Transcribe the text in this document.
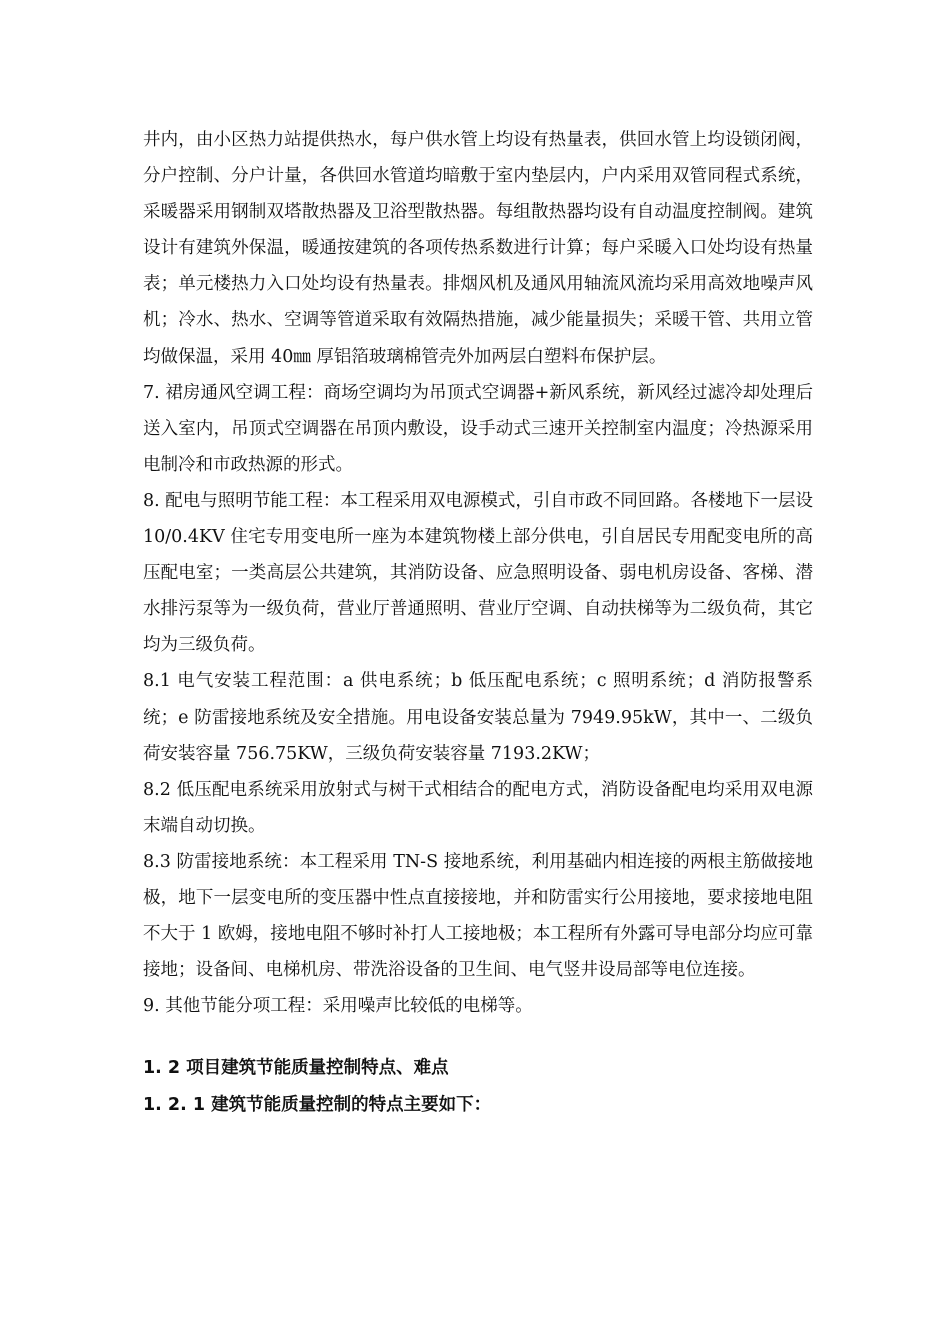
井内，由小区热力站提供热水，每户供水管上均设有热量表，供回水管上均设锁闭阀，分户控制、分户计量，各供回水管道均暗敷于室内垫层内，户内采用双管同程式系统，采暖器采用钢制双塔散热器及卫浴型散热器。每组散热器均设有自动温度控制阀。建筑设计有建筑外保温，暖通按建筑的各项传热系数进行计算；每户采暖入口处均设有热量表；单元楼热力入口处均设有热量表。排烟风机及通风用轴流风流均采用高效地噪声风机；冷水、热水、空调等管道采取有效隔热措施，减少能量损失；采暖干管、共用立管均做保温，采用 40㎜ 厚铝箔玻璃棉管壳外加两层白塑料布保护层。

7. 裙房通风空调工程：商场空调均为吊顶式空调器+新风系统，新风经过滤冷却处理后送入室内，吊顶式空调器在吊顶内敷设，设手动式三速开关控制室内温度；冷热源采用电制冷和市政热源的形式。

8. 配电与照明节能工程：本工程采用双电源模式，引自市政不同回路。各楼地下一层设 10/0.4KV 住宅专用变电所一座为本建筑物楼上部分供电，引自居民专用配变电所的高压配电室；一类高层公共建筑，其消防设备、应急照明设备、弱电机房设备、客梯、潜水排污泵等为一级负荷，营业厅普通照明、营业厅空调、自动扶梯等为二级负荷，其它均为三级负荷。

8.1 电气安装工程范围：a 供电系统；b 低压配电系统；c 照明系统；d 消防报警系统；e 防雷接地系统及安全措施。用电设备安装总量为 7949.95kW，其中一、二级负荷安装容量 756.75KW，三级负荷安装容量 7193.2KW；

8.2 低压配电系统采用放射式与树干式相结合的配电方式，消防设备配电均采用双电源末端自动切换。

8.3 防雷接地系统：本工程采用 TN-S 接地系统，利用基础内相连接的两根主筋做接地极，地下一层变电所的变压器中性点直接接地，并和防雷实行公用接地，要求接地电阻不大于 1 欧姆，接地电阻不够时补打人工接地极；本工程所有外露可导电部分均应可靠接地；设备间、电梯机房、带洗浴设备的卫生间、电气竖井设局部等电位连接。

9. 其他节能分项工程：采用噪声比较低的电梯等。

1. 2 项目建筑节能质量控制特点、难点
1. 2. 1 建筑节能质量控制的特点主要如下：
